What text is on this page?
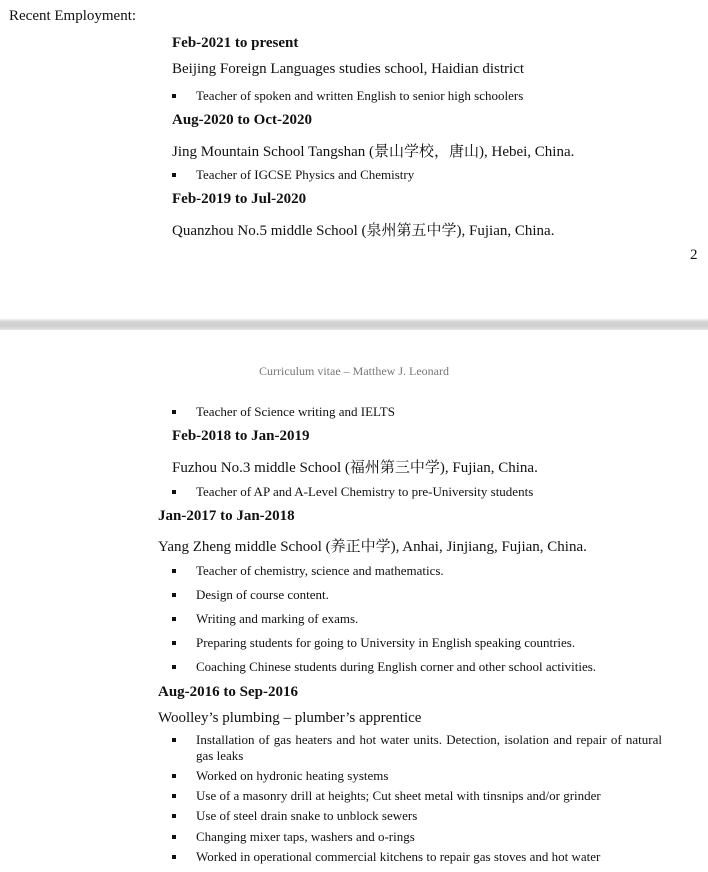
Recent Employment:
Feb-2021 to present
Beijing Foreign Languages studies school, Haidian district
Teacher of spoken and written English to senior high schoolers
Aug-2020 to Oct-2020
Jing Mountain School Tangshan (景山学校，唐山), Hebei, China.
Teacher of IGCSE Physics and Chemistry
Feb-2019 to Jul-2020
Quanzhou No.5 middle School (泉州第五中学), Fujian, China.
2
Curriculum vitae – Matthew J. Leonard
Teacher of Science writing and IELTS
Feb-2018 to Jan-2019
Fuzhou No.3 middle School (福州第三中学), Fujian, China.
Teacher of AP and A-Level Chemistry to pre-University students
Jan-2017 to Jan-2018
Yang Zheng middle School (养正中学), Anhai, Jinjiang, Fujian, China.
Teacher of chemistry, science and mathematics.
Design of course content.
Writing and marking of exams.
Preparing students for going to University in English speaking countries.
Coaching Chinese students during English corner and other school activities.
Aug-2016 to Sep-2016
Woolley’s plumbing – plumber’s apprentice
Installation of gas heaters and hot water units. Detection, isolation and repair of natural gas leaks
Worked on hydronic heating systems
Use of a masonry drill at heights; Cut sheet metal with tinsnips and/or grinder
Use of steel drain snake to unblock sewers
Changing mixer taps, washers and o-rings
Worked in operational commercial kitchens to repair gas stoves and hot water
